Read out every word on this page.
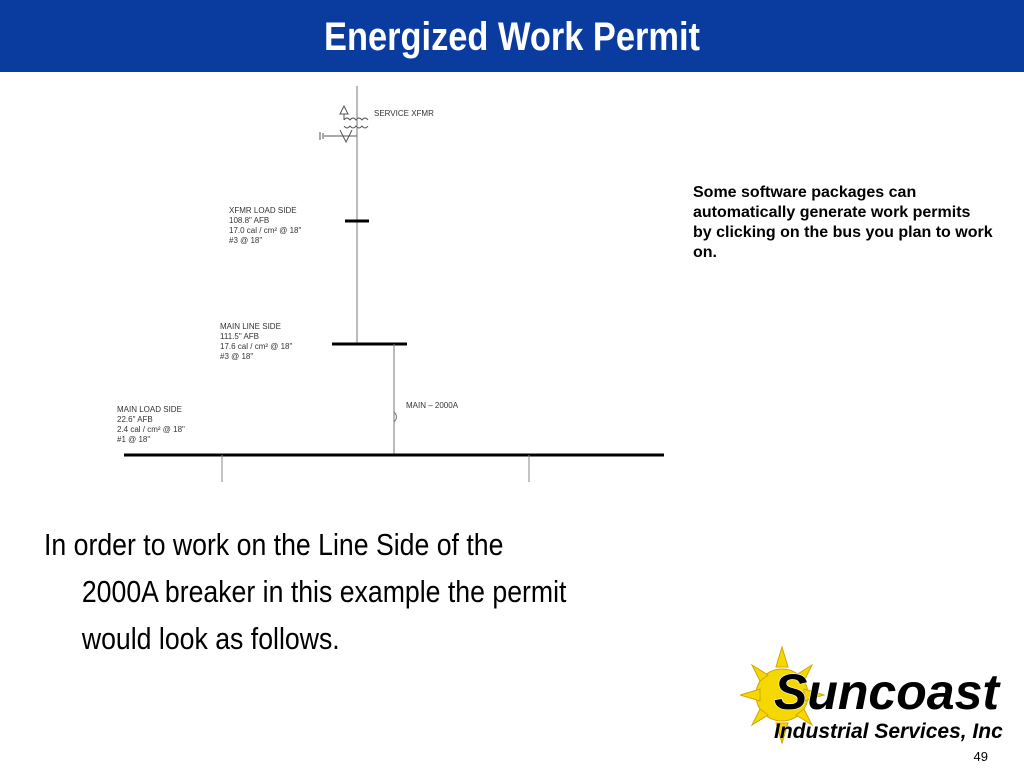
Energized Work Permit
SERVICE XFMR
XFMR LOAD SIDE
108.8" AFB
17.0 cal / cm² @ 18"
#3 @ 18"
MAIN LINE SIDE
111.5" AFB
17.6 cal / cm² @ 18"
#3 @ 18"
MAIN – 2000A
MAIN LOAD SIDE
22.6" AFB
2.4 cal / cm² @ 18"
#1 @ 18"
Some software packages can automatically generate work permits by clicking on the bus you plan to work on.
In order to work on the Line Side of the
2000A breaker in this example the permit
would look as follows.
Suncoast
Industrial Services, Inc
49
